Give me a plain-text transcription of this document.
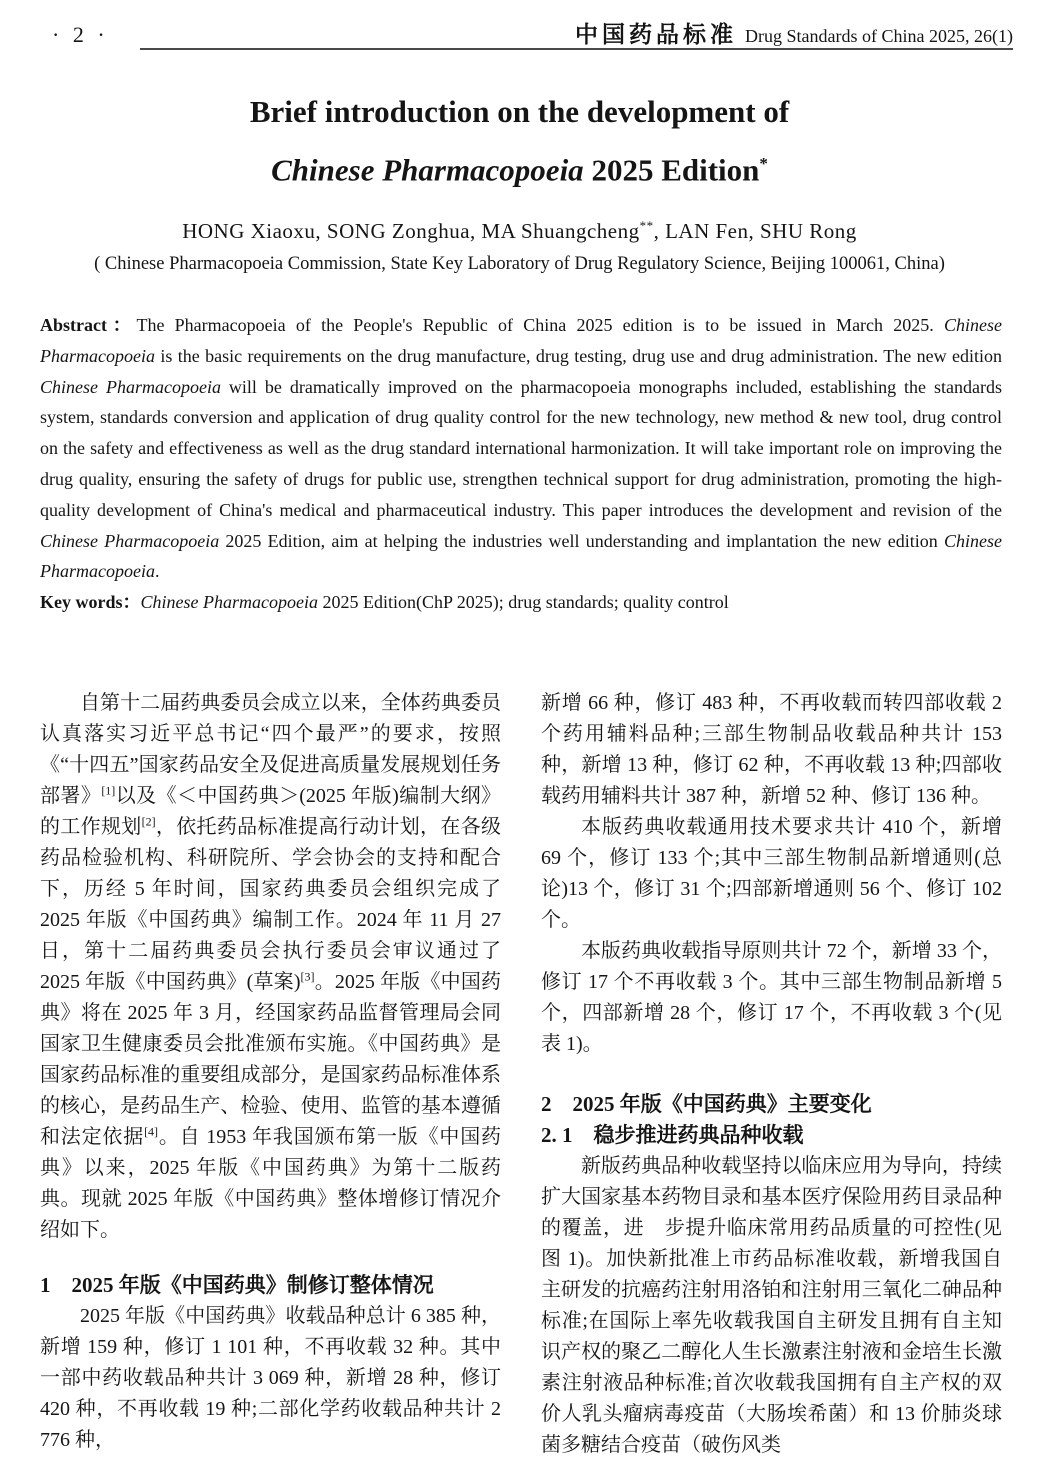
· 2 ·	中国药品标准 Drug Standards of China 2025, 26(1)
Brief introduction on the development of
Chinese Pharmacopoeia 2025 Edition*
HONG Xiaoxu, SONG Zonghua, MA Shuangcheng**, LAN Fen, SHU Rong
( Chinese Pharmacopoeia Commission, State Key Laboratory of Drug Regulatory Science, Beijing 100061, China)

Abstract：The Pharmacopoeia of the People's Republic of China 2025 edition is to be issued in March 2025. Chinese Pharmacopoeia is the basic requirements on the drug manufacture, drug testing, drug use and drug administration. The new edition Chinese Pharmacopoeia will be dramatically improved on the pharmacopoeia monographs included, establishing the standards system, standards conversion and application of drug quality control for the new technology, new method & new tool, drug control on the safety and effectiveness as well as the drug standard international harmonization. It will take important role on improving the drug quality, ensuring the safety of drugs for public use, strengthen technical support for drug administration, promoting the high-quality development of China's medical and pharmaceutical industry. This paper introduces the development and revision of the Chinese Pharmacopoeia 2025 Edition, aim at helping the industries well understanding and implantation the new edition Chinese Pharmacopoeia.

Key words：Chinese Pharmacopoeia 2025 Edition(ChP 2025); drug standards; quality control

自第十二届药典委员会成立以来，全体药典委员认真落实习近平总书记“四个最严”的要求，按照《“十四五”国家药品安全及促进高质量发展规划任务部署》[1]以及《＜中国药典＞(2025 年版)编制大纲》的工作规划[2]，依托药品标准提高行动计划，在各级药品检验机构、科研院所、学会协会的支持和配合下，历经 5 年时间，国家药典委员会组织完成了 2025 年版《中国药典》编制工作。2024 年 11 月 27 日，第十二届药典委员会执行委员会审议通过了 2025 年版《中国药典》(草案)[3]。2025 年版《中国药典》将在 2025 年 3 月，经国家药品监督管理局会同国家卫生健康委员会批准颁布实施。《中国药典》是国家药品标准的重要组成部分，是国家药品标准体系的核心，是药品生产、检验、使用、监管的基本遵循和法定依据[4]。自 1953 年我国颁布第一版《中国药典》以来，2025 年版《中国药典》为第十二版药典。现就 2025 年版《中国药典》整体增修订情况介绍如下。

1　2025 年版《中国药典》制修订整体情况

2025 年版《中国药典》收载品种总计 6 385 种，新增 159 种，修订 1 101 种，不再收载 32 种。其中一部中药收载品种共计 3 069 种，新增 28 种，修订 420 种，不再收载 19 种;二部化学药收载品种共计 2 776 种，

新增 66 种，修订 483 种，不再收载而转四部收载 2 个药用辅料品种;三部生物制品收载品种共计 153 种，新增 13 种，修订 62 种，不再收载 13 种;四部收载药用辅料共计 387 种，新增 52 种、修订 136 种。

本版药典收载通用技术要求共计 410 个，新增 69 个，修订 133 个;其中三部生物制品新增通则(总论)13 个，修订 31 个;四部新增通则 56 个、修订 102 个。

本版药典收载指导原则共计 72 个，新增 33 个，修订 17 个不再收载 3 个。其中三部生物制品新增 5 个，四部新增 28 个，修订 17 个，不再收载 3 个(见表 1)。

2　2025 年版《中国药典》主要变化
2. 1　稳步推进药典品种收载

新版药典品种收载坚持以临床应用为导向，持续扩大国家基本药物目录和基本医疗保险用药目录品种的覆盖，进　步提升临床常用药品质量的可控性(见图 1)。加快新批准上市药品标准收载，新增我国自主研发的抗癌药注射用洛铂和注射用三氧化二砷品种标准;在国际上率先收载我国自主研发且拥有自主知识产权的聚乙二醇化人生长激素注射液和金培生长激素注射液品种标准;首次收载我国拥有自主产权的双价人乳头瘤病毒疫苗（大肠埃希菌）和 13 价肺炎球菌多糖结合疫苗（破伤风类
